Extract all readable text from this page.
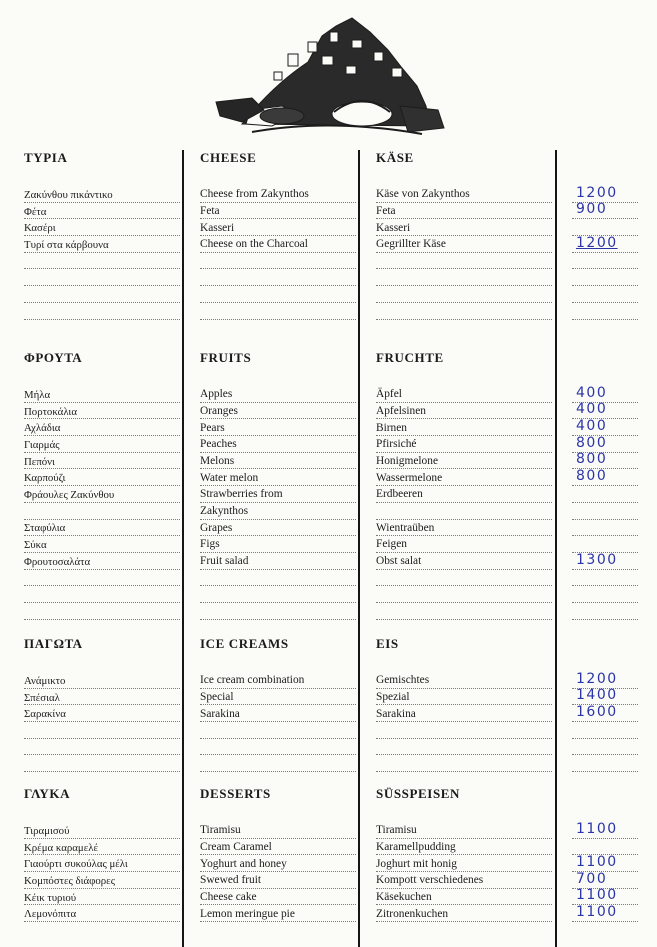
ΤΥΡΙΑ
Ζακύνθου πικάντικο
Φέτα
Κασέρι
Τυρί στα κάρβουνα
ΦΡΟΥΤΑ
Μήλα
Πορτοκάλια
Αχλάδια
Γιαρμάς
Πεπόνι
Καρπούζι
Φράουλες Ζακύνθου
Σταφύλια
Σύκα
Φρουτοσαλάτα
ΠΑΓΩΤΑ
Ανάμικτο
Σπέσιαλ
Σαρακίνα
ΓΛΥΚΑ
Τιραμισού
Κρέμα καραμελέ
Γιαούρτι συκούλας μέλι
Κομπόστες διάφορες
Κέικ τυριού
Λεμονόπιτα
CHEESE
Cheese from Zakynthos
Feta
Kasseri
Cheese on the Charcoal
FRUITS
Apples
Oranges
Pears
Peaches
Melons
Water melon
Strawberries from
Zakynthos
Grapes
Figs
Fruit salad
ICE CREAMS
Ice cream combination
Special
Sarakina
DESSERTS
Tiramisu
Cream Caramel
Yoghurt and honey
Swewed fruit
Cheese cake
Lemon meringue pie
KÄSE
Käse von Zakynthos
Feta
Kasseri
Gegrillter Käse
FRUCHTE
Äpfel
Apfelsinen
Birnen
Pfirsiché
Honigmelone
Wassermelone
Erdbeeren
Wientraüben
Feigen
Obst salat
EIS
Gemischtes
Spezial
Sarakina
SÜSSPEISEN
Tiramisu
Karamellpudding
Joghurt mit honig
Kompott verschiedenes
Käsekuchen
Zitronenkuchen
1200
900
1200
400
400
400
800
800
800
1300
1200
1400
1600
1100
1100
700
1100
1100
